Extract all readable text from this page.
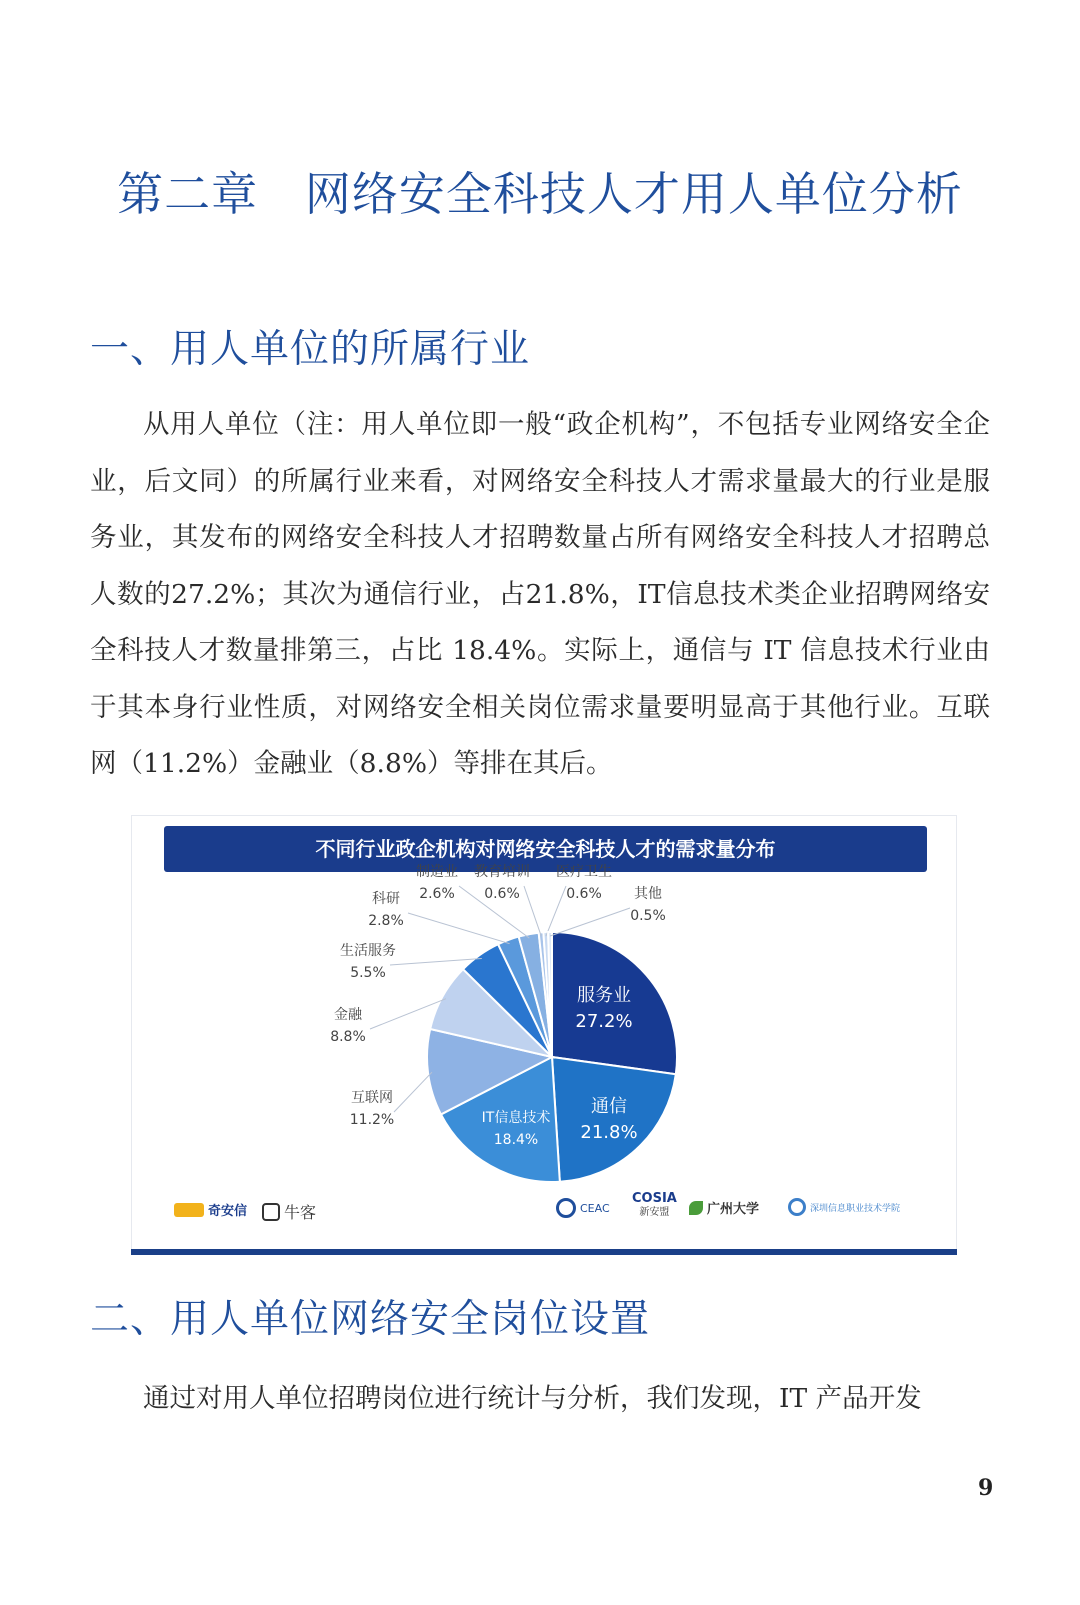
第二章   网络安全科技人才用人单位分析
一、用人单位的所属行业

从用人单位（注：用人单位即一般“政企机构”，不包括专业网络安全企业，后文同）的所属行业来看，对网络安全科技人才需求量最大的行业是服务业，其发布的网络安全科技人才招聘数量占所有网络安全科技人才招聘总人数的27.2%；其次为通信行业，占21.8%，IT信息技术类企业招聘网络安全科技人才数量排第三，占比 18.4%。实际上，通信与 IT 信息技术行业由于其本身行业性质，对网络安全相关岗位需求量要明显高于其他行业。互联网（11.2%）金融业（8.8%）等排在其后。

不同行业政企机构对网络安全科技人才的需求量分布
服务业
27.2%
通信
21.8%
IT信息技术
18.4%
互联网
11.2%
金融
8.8%
生活服务
5.5%
科研
2.8%
制造业
2.6%
教育培训
0.6%
医疗卫生
0.6% 其他
0.5%
奇安信 牛客	CEAC
COSIA
新安盟	广州大学	深圳信息职业技术学院
二、用人单位网络安全岗位设置

通过对用人单位招聘岗位进行统计与分析，我们发现，IT 产品开发

9
